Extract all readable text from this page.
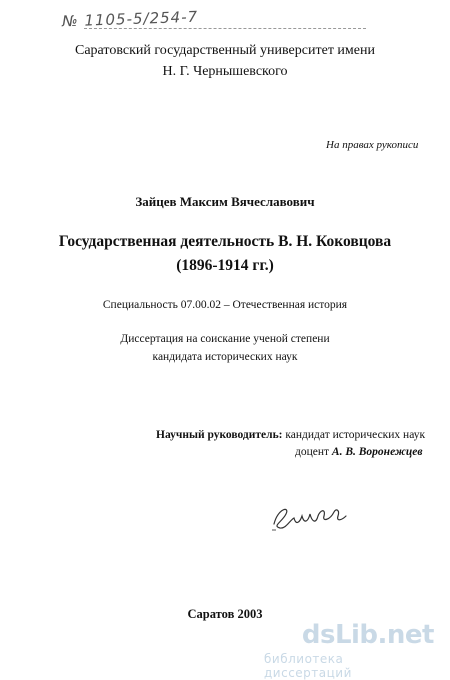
№ 1105-5/254-7
Саратовский государственный университет имени
Н. Г. Чернышевского
На правах рукописи
Зайцев Максим Вячеславович
Государственная деятельность В. Н. Коковцова
(1896-1914 гг.)
Специальность 07.00.02 – Отечественная история
Диссертация на соискание ученой степени
кандидата исторических наук
Научный руководитель: кандидат исторических наук
доцент А. В. Воронежцев
Саратов 2003
dsLib.net
библиотека диссертаций
